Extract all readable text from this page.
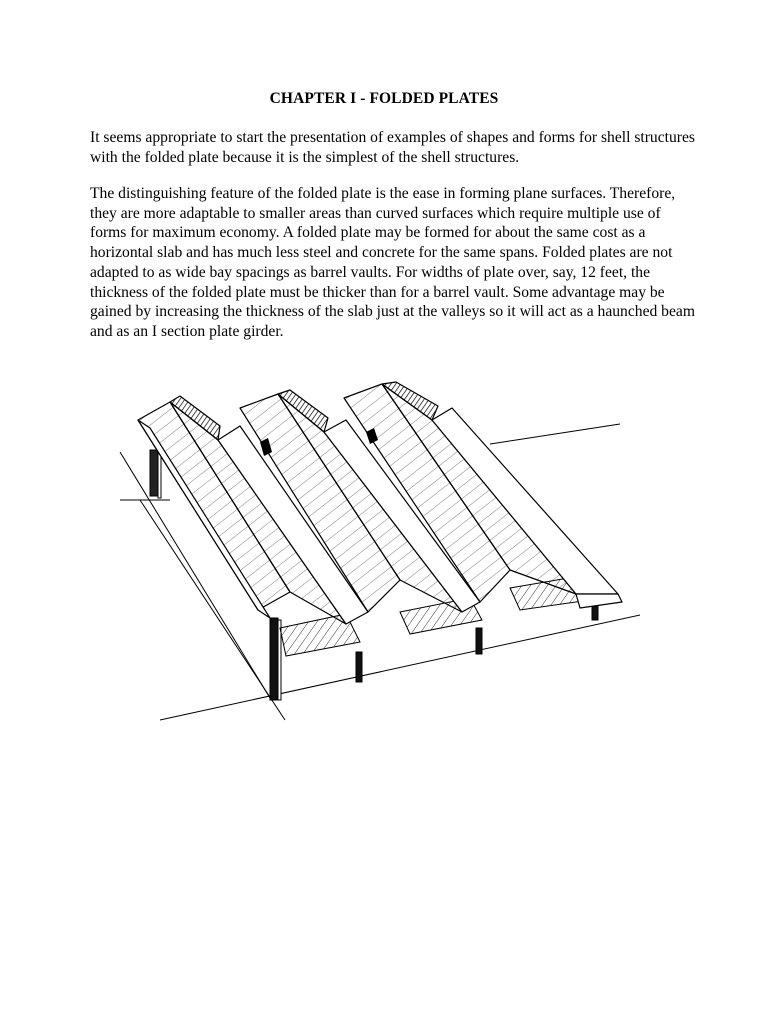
CHAPTER I - FOLDED PLATES

It seems appropriate to start the presentation of examples of shapes and forms for shell structures with the folded plate because it is the simplest of the shell structures.

The distinguishing feature of the folded plate is the ease in forming plane surfaces. Therefore, they are more adaptable to smaller areas than curved surfaces which require multiple use of forms for maximum economy. A folded plate may be formed for about the same cost as a horizontal slab and has much less steel and concrete for the same spans. Folded plates are not adapted to as wide bay spacings as barrel vaults. For widths of plate over, say, 12 feet, the thickness of the folded plate must be thicker than for a barrel vault. Some advantage may be gained by increasing the thickness of the slab just at the valleys so it will act as a haunched beam and as an I section plate girder.
